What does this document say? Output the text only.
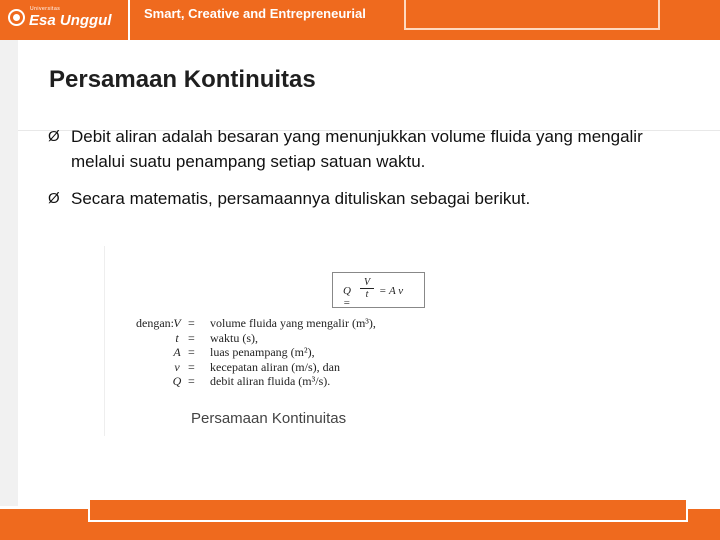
Universitas
Esa Unggul Smart, Creative and Entrepreneurial
Persamaan Kontinuitas
Ø Debit aliran adalah besaran yang menunjukkan volume fluida yang mengalir melalui suatu penampang setiap satuan waktu.
Ø Secara matematis, persamaannya dituliskan sebagai berikut.
Q =
$\frac{V}{t} = A$ v
dengan: V = volume fluida yang mengalir (m³),
t = waktu (s),
A = luas penampang (m²),
v = kecepatan aliran (m/s), dan
Q = debit aliran fluida (m³/s).
Persamaan Kontinuitas
